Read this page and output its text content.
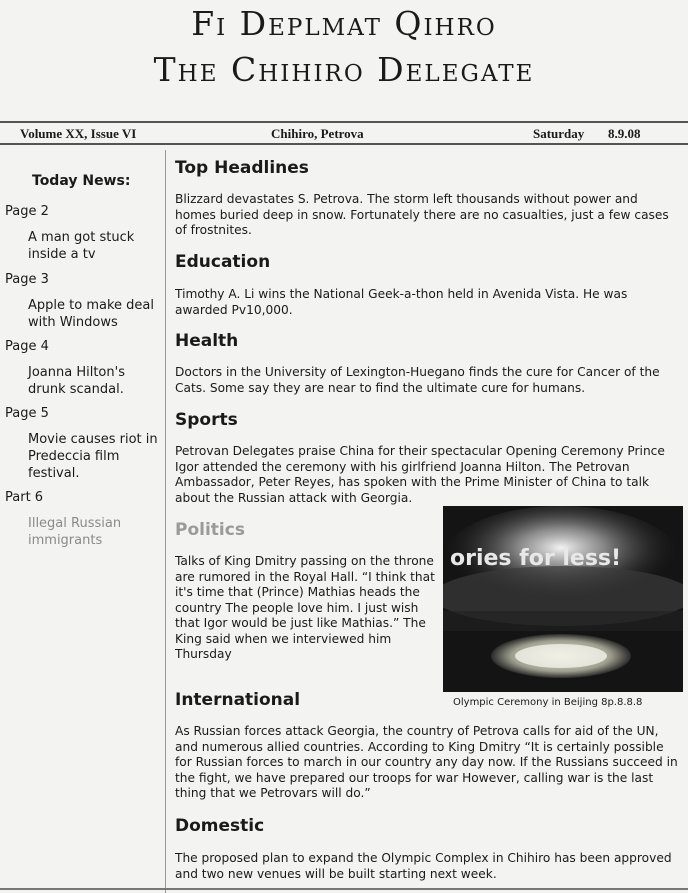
Fi Deplmat Qihro
The Chihiro Delegate
Volume XX, Issue VI	Chihiro, Petrova	Saturday 8.9.08
Today News:
Page 2
A man got stuck inside a tv
Page 3
Apple to make deal with Windows
Page 4
Joanna Hilton's drunk scandal.
Page 5
Movie causes riot in Predeccia film festival.
Part 6
Illegal Russian immigrants
Top Headlines
Blizzard devastates S. Petrova. The storm left thousands without power and homes buried deep in snow. Fortunately there are no casualties, just a few cases of frostnites.
Education
Timothy A. Li wins the National Geek-a-thon held in Avenida Vista. He was awarded Pv10,000.
Health
Doctors in the University of Lexington-Huegano finds the cure for Cancer of the Cats. Some say they are near to find the ultimate cure for humans.
Sports
Petrovan Delegates praise China for their spectacular Opening Ceremony Prince Igor attended the ceremony with his girlfriend Joanna Hilton. The Petrovan Ambassador, Peter Reyes, has spoken with the Prime Minister of China to talk about the Russian attack with Georgia.
Politics
Talks of King Dmitry passing on the throne are rumored in the Royal Hall. “I think that it's time that (Prince) Mathias heads the country The people love him. I just wish that Igor would be just like Mathias.” The King said when we interviewed him Thursday
ories for less!
Olympic Ceremony in Beijing 8p.8.8.8
International
As Russian forces attack Georgia, the country of Petrova calls for aid of the UN, and numerous allied countries. According to King Dmitry “It is certainly possible for Russian forces to march in our country any day now. If the Russians succeed in the fight, we have prepared our troops for war However, calling war is the last thing that we Petrovars will do.”
Domestic
The proposed plan to expand the Olympic Complex in Chihiro has been approved and two new venues will be built starting next week.
